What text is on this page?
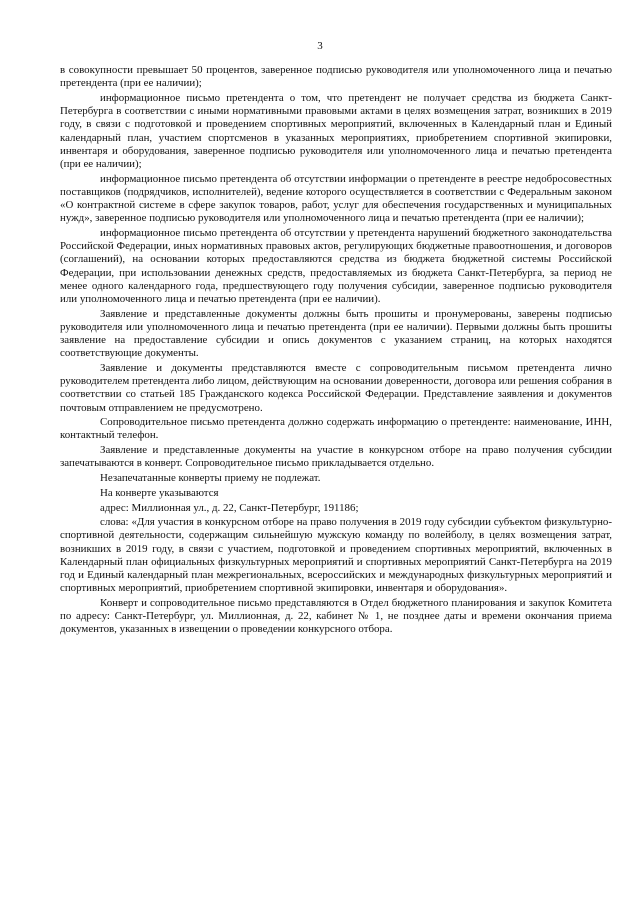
3

в совокупности превышает 50 процентов, заверенное подписью руководителя или уполномоченного лица и печатью претендента (при ее наличии);

информационное письмо претендента о том, что претендент не получает средства из бюджета Санкт-Петербурга в соответствии с иными нормативными правовыми актами в целях возмещения затрат, возникших в 2019 году, в связи с подготовкой и проведением спортивных мероприятий, включенных в Календарный план и Единый календарный план, участием спортсменов в указанных мероприятиях, приобретением спортивной экипировки, инвентаря и оборудования, заверенное подписью руководителя или уполномоченного лица и печатью претендента (при ее наличии);

информационное письмо претендента об отсутствии информации о претенденте в реестре недобросовестных поставщиков (подрядчиков, исполнителей), ведение которого осуществляется в соответствии с Федеральным законом «О контрактной системе в сфере закупок товаров, работ, услуг для обеспечения государственных и муниципальных нужд», заверенное подписью руководителя или уполномоченного лица и печатью претендента (при ее наличии);

информационное письмо претендента об отсутствии у претендента нарушений бюджетного законодательства Российской Федерации, иных нормативных правовых актов, регулирующих бюджетные правоотношения, и договоров (соглашений), на основании которых предоставляются средства из бюджета бюджетной системы Российской Федерации, при использовании денежных средств, предоставляемых из бюджета Санкт-Петербурга, за период не менее одного календарного года, предшествующего году получения субсидии, заверенное подписью руководителя или уполномоченного лица и печатью претендента (при ее наличии).

Заявление и представленные документы должны быть прошиты и пронумерованы, заверены подписью руководителя или уполномоченного лица и печатью претендента (при ее наличии). Первыми должны быть прошиты заявление на предоставление субсидии и опись документов с указанием страниц, на которых находятся соответствующие документы.

Заявление и документы представляются вместе с сопроводительным письмом претендента лично руководителем претендента либо лицом, действующим на основании доверенности, договора или решения собрания в соответствии со статьей 185 Гражданского кодекса Российской Федерации. Представление заявления и документов почтовым отправлением не предусмотрено.

Сопроводительное письмо претендента должно содержать информацию о претенденте: наименование, ИНН, контактный телефон.

Заявление и представленные документы на участие в конкурсном отборе на право получения субсидии запечатываются в конверт. Сопроводительное письмо прикладывается отдельно.

Незапечатанные конверты приему не подлежат.

На конверте указываются

адрес: Миллионная ул., д. 22, Санкт-Петербург, 191186;

слова: «Для участия в конкурсном отборе на право получения в 2019 году субсидии субъектом физкультурно-спортивной деятельности, содержащим сильнейшую мужскую команду по волейболу, в целях возмещения затрат, возникших в 2019 году, в связи с участием, подготовкой и проведением спортивных мероприятий, включенных в Календарный план официальных физкультурных мероприятий и спортивных мероприятий Санкт-Петербурга на 2019 год и Единый календарный план межрегиональных, всероссийских и международных физкультурных мероприятий и спортивных мероприятий, приобретением спортивной экипировки, инвентаря и оборудования».

Конверт и сопроводительное письмо представляются в Отдел бюджетного планирования и закупок Комитета по адресу: Санкт-Петербург, ул. Миллионная, д. 22, кабинет № 1, не позднее даты и времени окончания приема документов, указанных в извещении о проведении конкурсного отбора.
